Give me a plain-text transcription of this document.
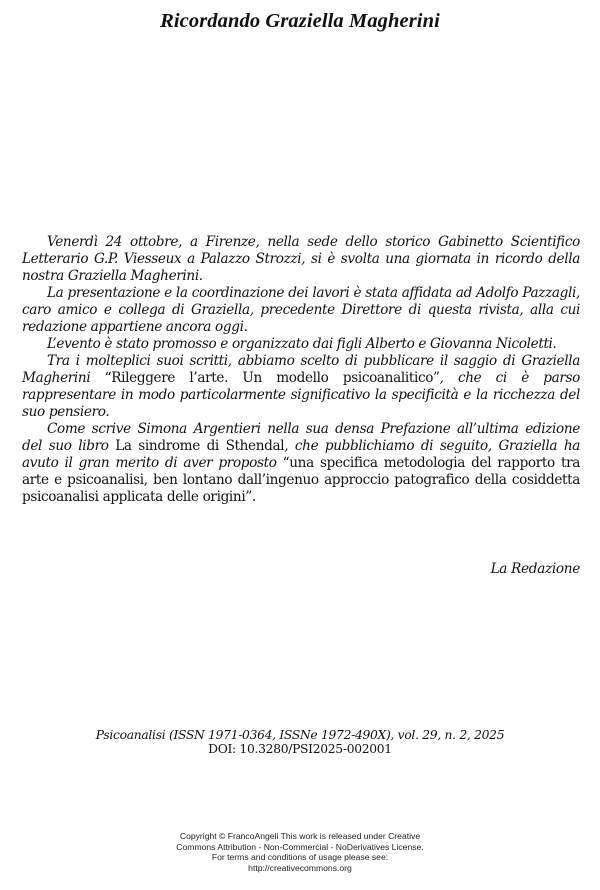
Ricordando Graziella Magherini

Venerdì 24 ottobre, a Firenze, nella sede dello storico Gabinetto Scientifico Letterario G.P. Viesseux a Palazzo Strozzi, si è svolta una giornata in ricordo della nostra Graziella Magherini.

La presentazione e la coordinazione dei lavori è stata affidata ad Adolfo Pazzagli, caro amico e collega di Graziella, precedente Direttore di questa rivista, alla cui redazione appartiene ancora oggi.

L’evento è stato promosso e organizzato dai figli Alberto e Giovanna Nicoletti.

Tra i molteplici suoi scritti, abbiamo scelto di pubblicare il saggio di Graziella Magherini “Rileggere l’arte. Un modello psicoanalitico”, che ci è parso rappresentare in modo particolarmente significativo la specificità e la ricchezza del suo pensiero.

Come scrive Simona Argentieri nella sua densa Prefazione all’ultima edizione del suo libro La sindrome di Sthendal, che pubblichiamo di seguito, Graziella ha avuto il gran merito di aver proposto “una specifica metodologia del rapporto tra arte e psicoanalisi, ben lontano dall’ingenuo approccio patografico della cosiddetta psicoanalisi applicata delle origini”.

La Redazione
Psicoanalisi (ISSN 1971-0364, ISSNe 1972-490X), vol. 29, n. 2, 2025
DOI: 10.3280/PSI2025-002001
Copyright © FrancoAngeli This work is released under Creative
Commons Attribution - Non-Commercial - NoDerivatives License.
For terms and conditions of usage please see:
http://creativecommons.org
